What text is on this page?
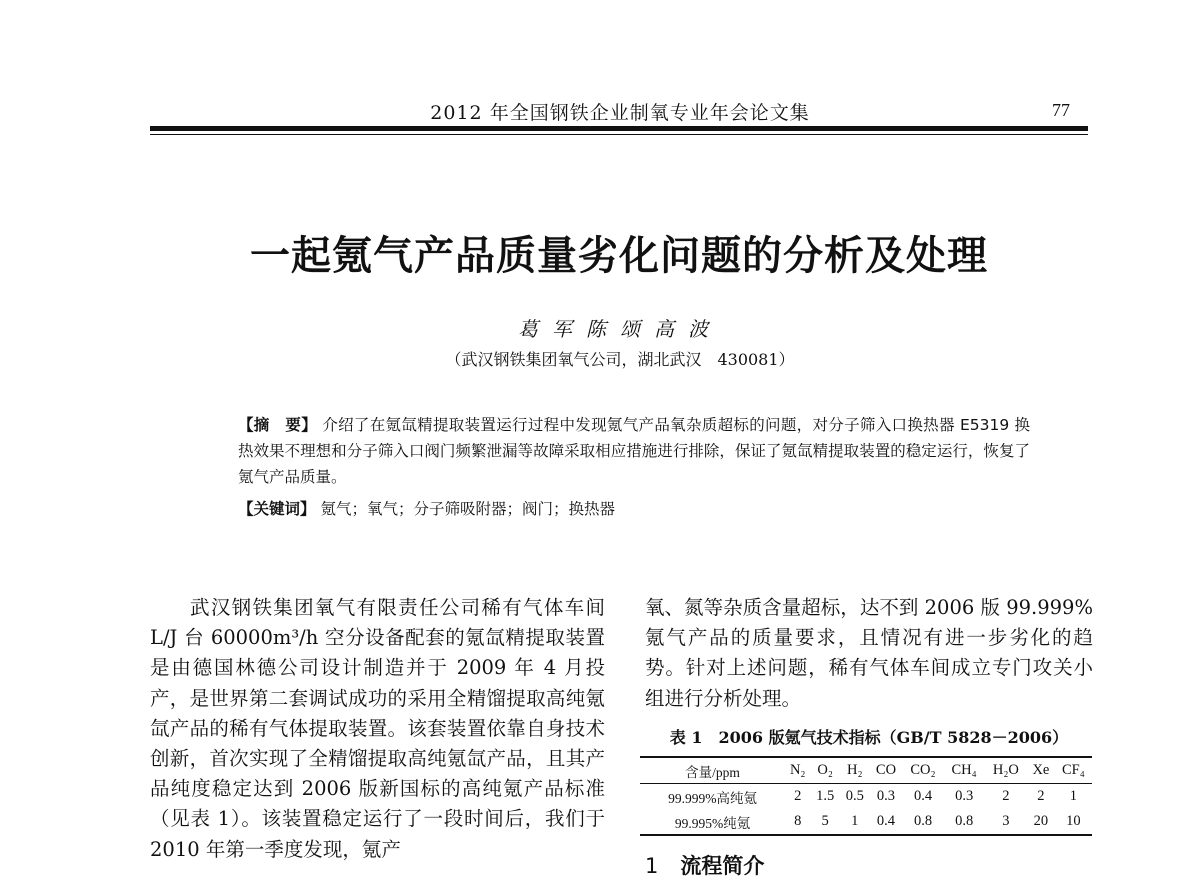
2012 年全国钢铁企业制氧专业年会论文集	77
一起氪气产品质量劣化问题的分析及处理
葛军陈颂高波
（武汉钢铁集团氧气公司，湖北武汉　430081）
【摘　要】 介绍了在氪氙精提取装置运行过程中发现氪气产品氧杂质超标的问题，对分子筛入口换热器 E5319 换热效果不理想和分子筛入口阀门频繁泄漏等故障采取相应措施进行排除，保证了氪氙精提取装置的稳定运行，恢复了氪气产品质量。
【关键词】 氪气；氧气；分子筛吸附器；阀门；换热器

武汉钢铁集团氧气有限责任公司稀有气体车间 L/J 台 60000m³/h 空分设备配套的氪氙精提取装置是由德国林德公司设计制造并于 2009 年 4 月投产，是世界第二套调试成功的采用全精馏提取高纯氪氙产品的稀有气体提取装置。该套装置依靠自身技术创新，首次实现了全精馏提取高纯氪氙产品，且其产品纯度稳定达到 2006 版新国标的高纯氪产品标准（见表 1）。该装置稳定运行了一段时间后，我们于 2010 年第一季度发现，氪产

氧、氮等杂质含量超标，达不到 2006 版 99.999% 氪气产品的质量要求，且情况有进一步劣化的趋势。针对上述问题，稀有气体车间成立专门攻关小组进行分析处理。

表 1　2006 版氪气技术指标（GB/T 5828－2006）
含量/ppm	N₂	O₂	H₂	CO	CO₂	CH₄	H₂O	Xe	CF₄
99.999%高纯氪	2	1.5	0.5	0.3	0.4	0.3	2	2	1
99.995%纯氪	8	5	1	0.4	0.8	0.8	3	20	10
1 流程简介
